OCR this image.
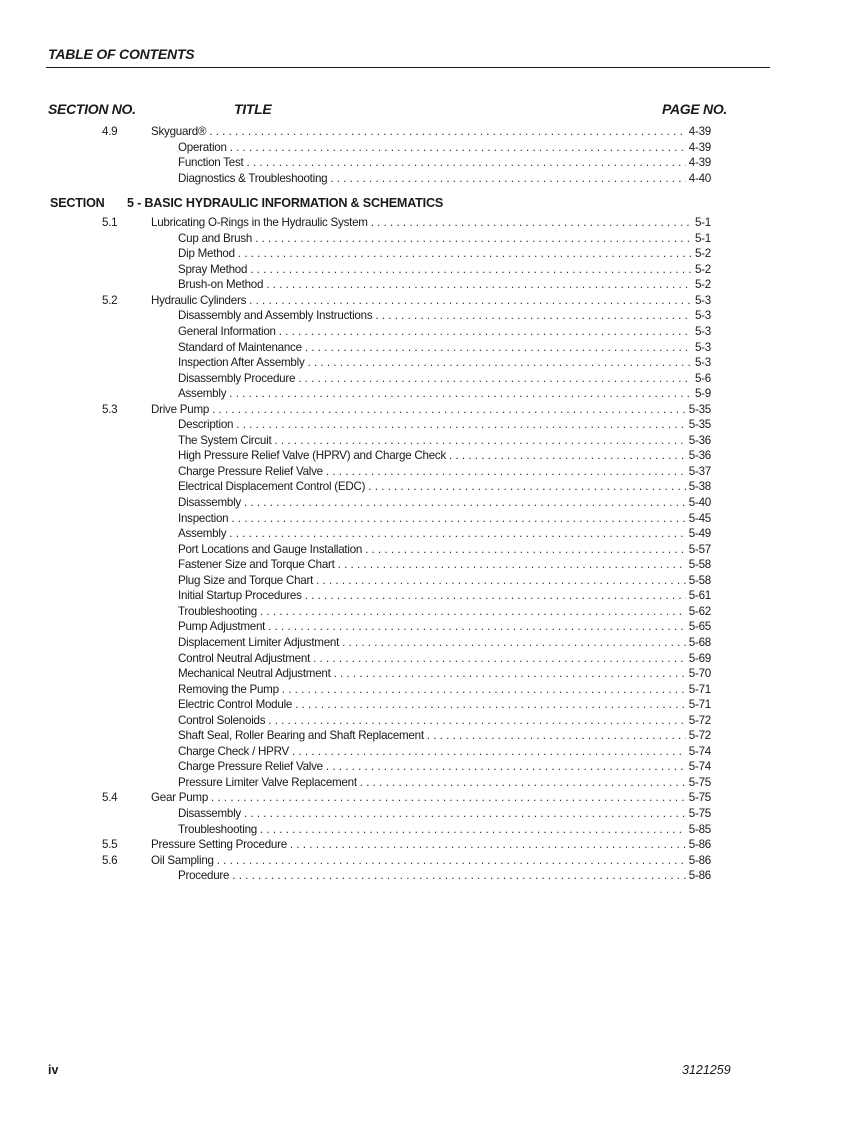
TABLE OF CONTENTS
SECTION NO.	TITLE	PAGE NO.
4.9	Skyguard® . . .	4-39
Operation . . .	4-39
Function Test . . .	4-39
Diagnostics & Troubleshooting . . .	4-40
SECTION 5 - BASIC HYDRAULIC INFORMATION & SCHEMATICS
5.1	Lubricating O-Rings in the Hydraulic System . . .	5-1
Cup and Brush . . .	5-1
Dip Method . . .	5-2
Spray Method . . .	5-2
Brush-on Method . . .	5-2
5.2	Hydraulic Cylinders . . .	5-3
Disassembly and Assembly Instructions . . .	5-3
General Information . . .	5-3
Standard of Maintenance . . .	5-3
Inspection After Assembly . . .	5-3
Disassembly Procedure . . .	5-6
Assembly . . .	5-9
5.3	Drive Pump . . .	5-35
Description . . .	5-35
The System Circuit . . .	5-36
High Pressure Relief Valve (HPRV) and Charge Check . . .	5-36
Charge Pressure Relief Valve . . .	5-37
Electrical Displacement Control (EDC) . . .	5-38
Disassembly . . .	5-40
Inspection . . .	5-45
Assembly . . .	5-49
Port Locations and Gauge Installation . . .	5-57
Fastener Size and Torque Chart . . .	5-58
Plug Size and Torque Chart . . .	5-58
Initial Startup Procedures . . .	5-61
Troubleshooting . . .	5-62
Pump Adjustment . . .	5-65
Displacement Limiter Adjustment . . .	5-68
Control Neutral Adjustment . . .	5-69
Mechanical Neutral Adjustment . . .	5-70
Removing the Pump . . .	5-71
Electric Control Module . . .	5-71
Control Solenoids . . .	5-72
Shaft Seal, Roller Bearing and Shaft Replacement . . .	5-72
Charge Check / HPRV . . .	5-74
Charge Pressure Relief Valve . . .	5-74
Pressure Limiter Valve Replacement . . .	5-75
5.4	Gear Pump . . .	5-75
Disassembly . . .	5-75
Troubleshooting . . .	5-85
5.5	Pressure Setting Procedure . . .	5-86
5.6	Oil Sampling . . .	5-86
Procedure . . .	5-86
iv	3121259
